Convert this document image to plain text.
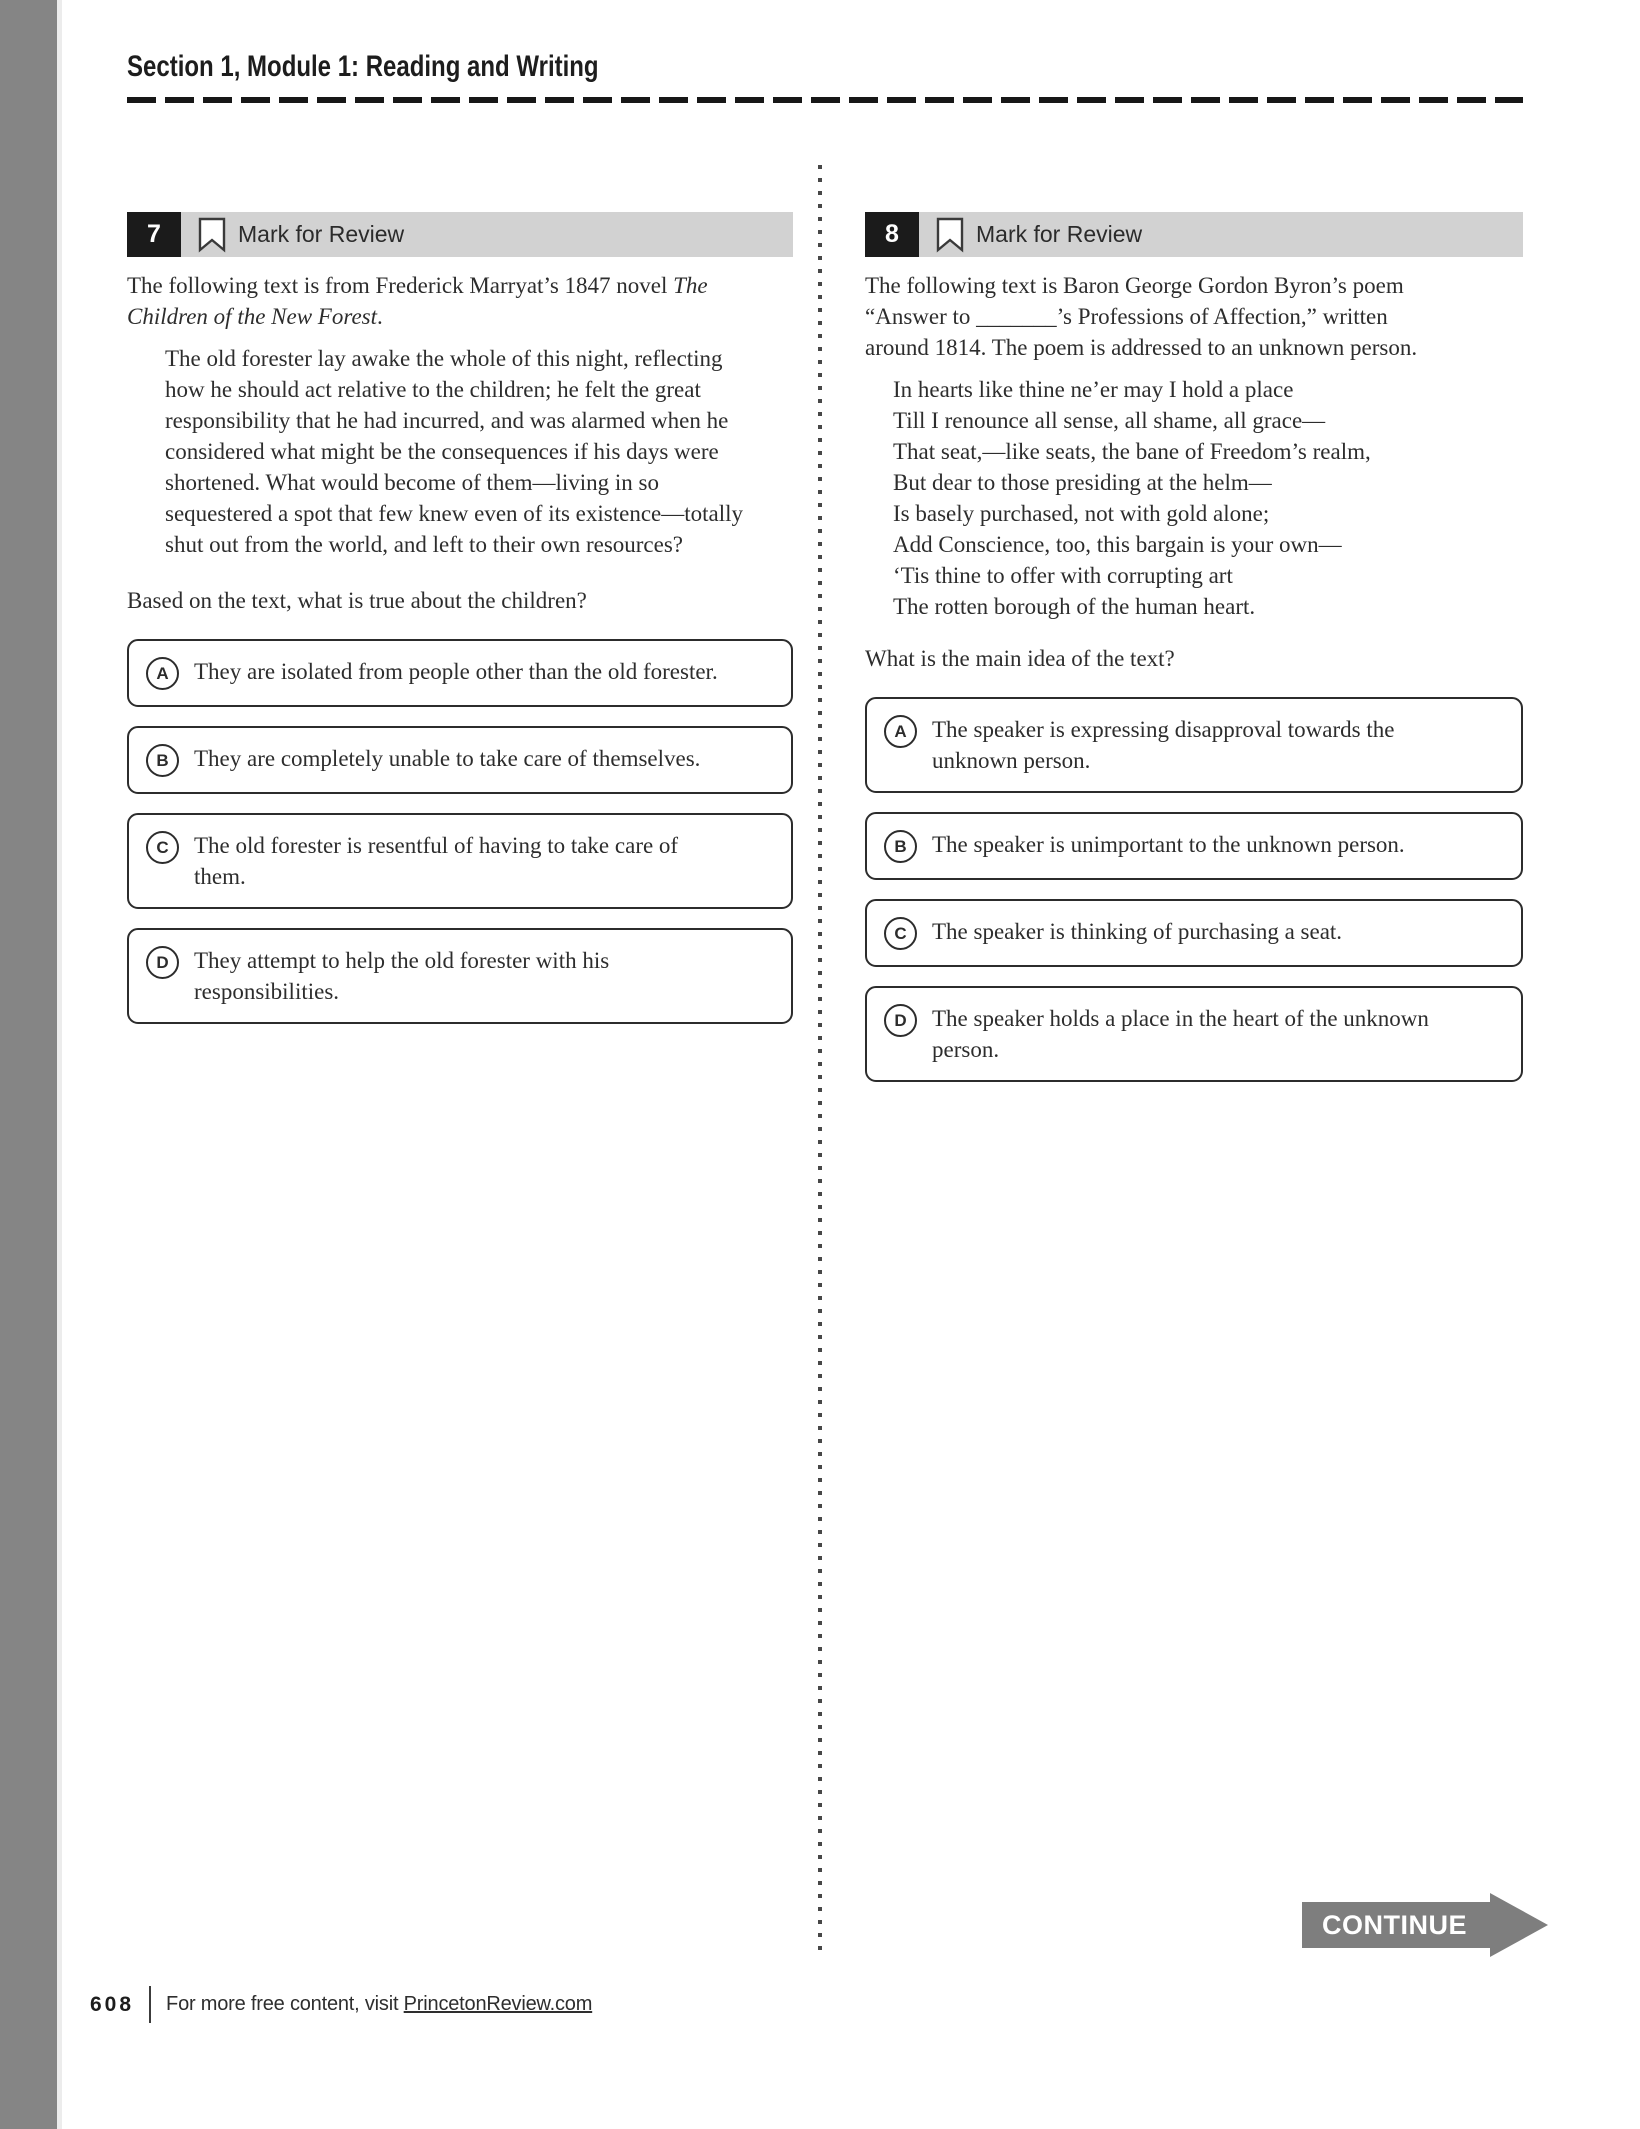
Section 1, Module 1: Reading and Writing
7	Mark for Review

The following text is from Frederick Marryat’s 1847 novel The Children of the New Forest.

The old forester lay awake the whole of this night, reflecting how he should act relative to the children; he felt the great responsibility that he had incurred, and was alarmed when he considered what might be the consequences if his days were shortened. What would become of them—living in so sequestered a spot that few knew even of its existence—totally shut out from the world, and left to their own resources?

Based on the text, what is true about the children?

A	They are isolated from people other than the old forester.
B	They are completely unable to take care of themselves.
C	The old forester is resentful of having to take care of them.
D	They attempt to help the old forester with his responsibilities.
8	Mark for Review

The following text is Baron George Gordon Byron’s poem “Answer to _______’s Professions of Affection,” written around 1814. The poem is addressed to an unknown person.

In hearts like thine ne’er may I hold a place
Till I renounce all sense, all shame, all grace—
That seat,—like seats, the bane of Freedom’s realm,
But dear to those presiding at the helm—
Is basely purchased, not with gold alone;
Add Conscience, too, this bargain is your own—
‘Tis thine to offer with corrupting art
The rotten borough of the human heart.

What is the main idea of the text?

A	The speaker is expressing disapproval towards the unknown person.
B	The speaker is unimportant to the unknown person.
C	The speaker is thinking of purchasing a seat.
D	The speaker holds a place in the heart of the unknown person.
CONTINUE
608 For more free content, visit PrincetonReview.com
